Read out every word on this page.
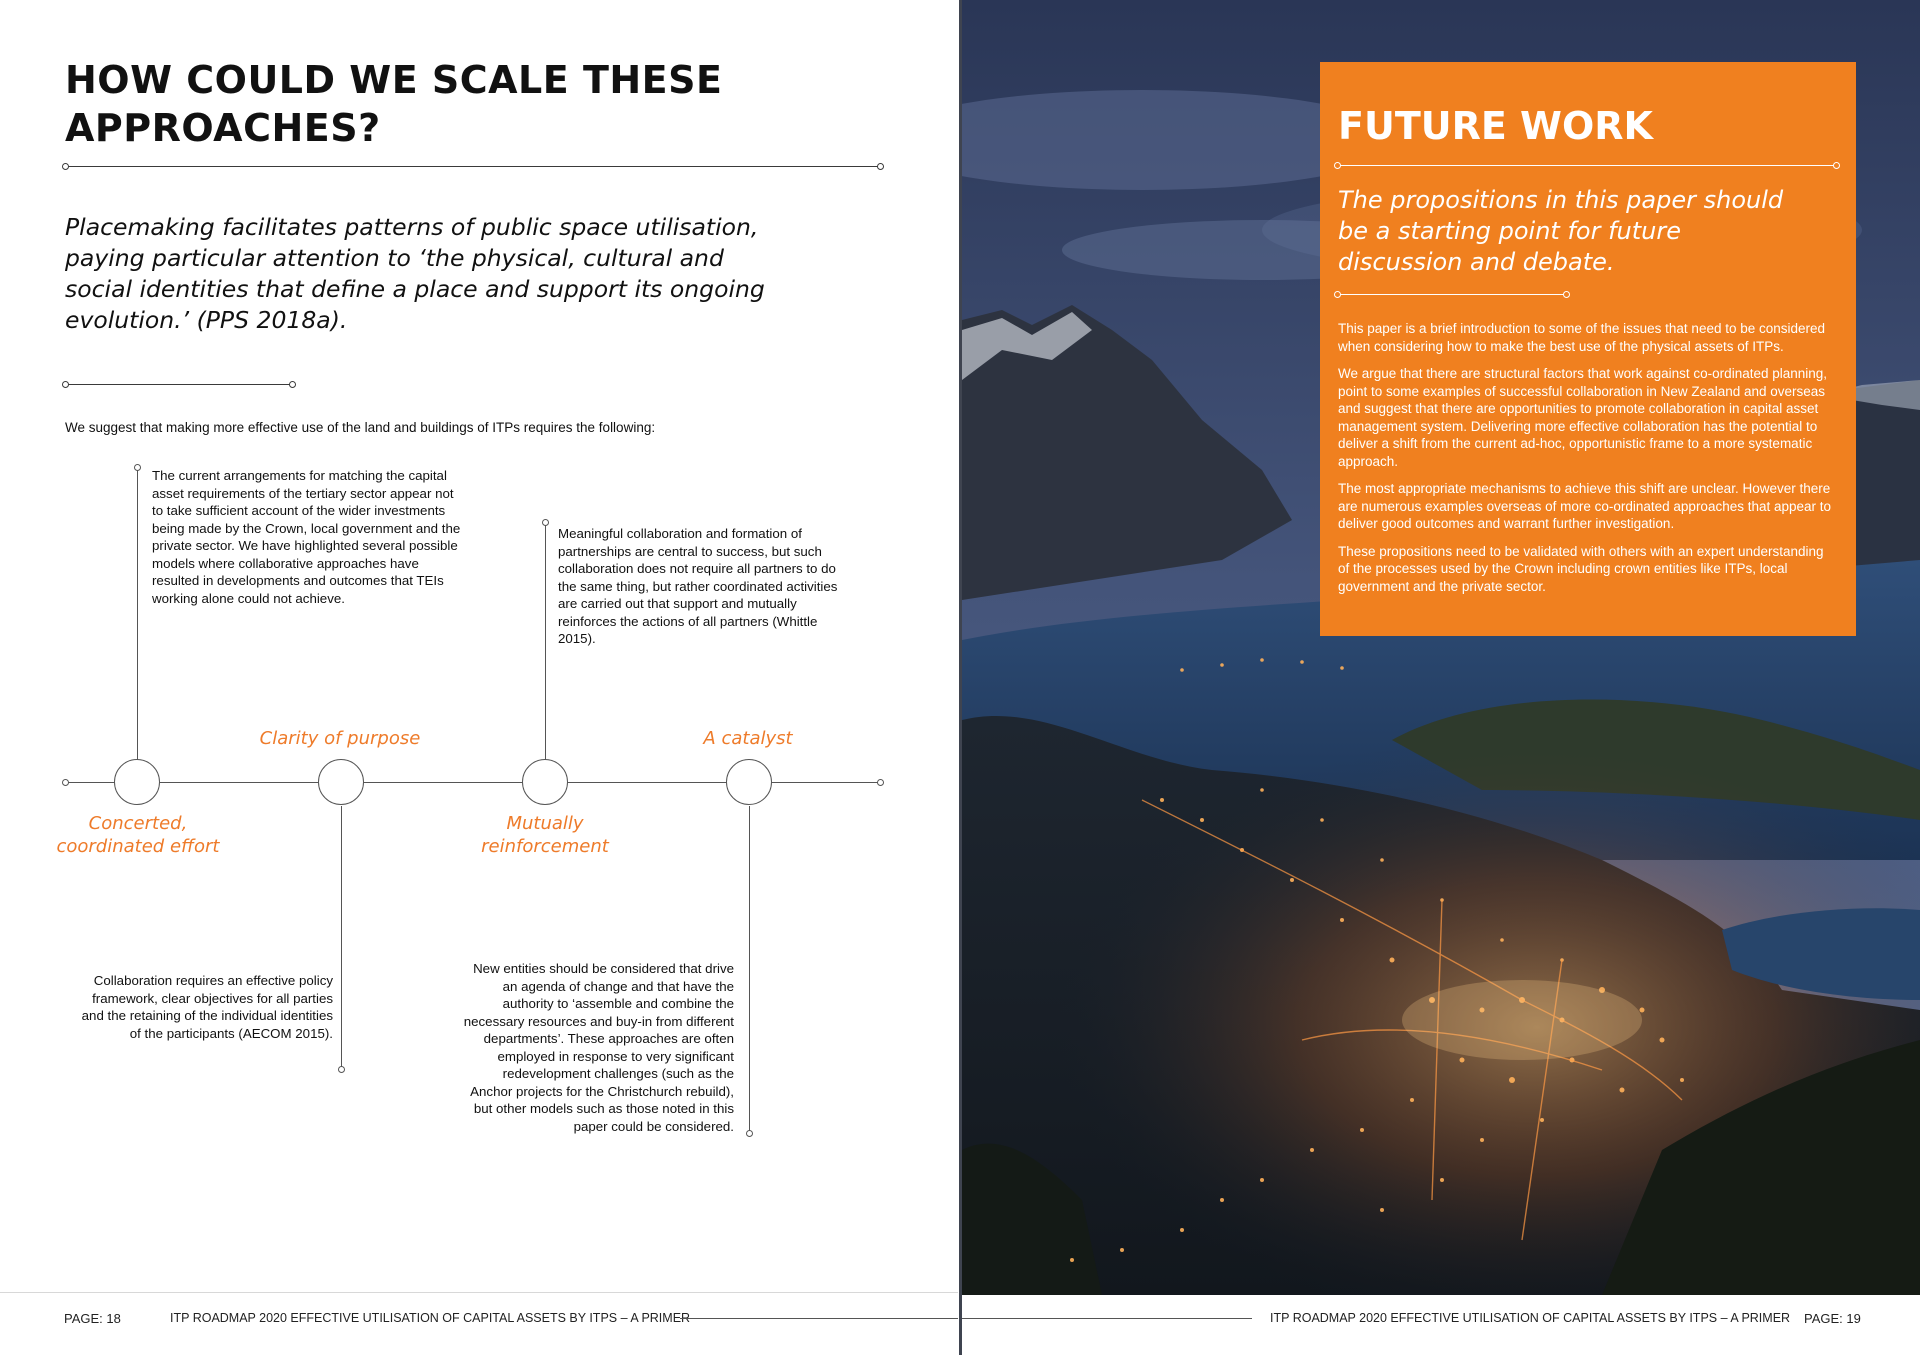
HOW COULD WE SCALE THESE APPROACHES?
Placemaking facilitates patterns of public space utilisation, paying particular attention to ‘the physical, cultural and social identities that define a place and support its ongoing evolution.’ (PPS 2018a).
We suggest that making more effective use of the land and buildings of ITPs requires the following:
The current arrangements for matching the capital asset requirements of the tertiary sector appear not to take sufficient account of the wider investments being made by the Crown, local government and the private sector. We have highlighted several possible models where collaborative approaches have resulted in developments and outcomes that TEIs working alone could not achieve.
Concerted, coordinated effort
Clarity of purpose
Collaboration requires an effective policy framework, clear objectives for all parties and the retaining of the individual identities of the participants (AECOM 2015).
Meaningful collaboration and formation of partnerships are central to success, but such collaboration does not require all partners to do the same thing, but rather coordinated activities are carried out that support and mutually reinforces the actions of all partners (Whittle 2015).
Mutually reinforcement
A catalyst
New entities should be considered that drive an agenda of change and that have the authority to ‘assemble and combine the necessary resources and buy-in from different departments’. These approaches are often employed in response to very significant redevelopment challenges (such as the Anchor projects for the Christchurch rebuild), but other models such as those noted in this paper could be considered.
PAGE: 18	ITP ROADMAP 2020 EFFECTIVE UTILISATION OF CAPITAL ASSETS BY ITPS – A PRIMER
FUTURE WORK
The propositions in this paper should be a starting point for future discussion and debate.

This paper is a brief introduction to some of the issues that need to be considered when considering how to make the best use of the physical assets of ITPs.

We argue that there are structural factors that work against co-ordinated planning, point to some examples of successful collaboration in New Zealand and overseas and suggest that there are opportunities to promote collaboration in capital asset management system. Delivering more effective collaboration has the potential to deliver a shift from the current ad-hoc, opportunistic frame to a more systematic approach.

The most appropriate mechanisms to achieve this shift are unclear. However there are numerous examples overseas of more co-ordinated approaches that appear to deliver good outcomes and warrant further investigation.

These propositions need to be validated with others with an expert understanding of the processes used by the Crown including crown entities like ITPs, local government and the private sector.

ITP ROADMAP 2020 EFFECTIVE UTILISATION OF CAPITAL ASSETS BY ITPS – A PRIMER PAGE: 19
